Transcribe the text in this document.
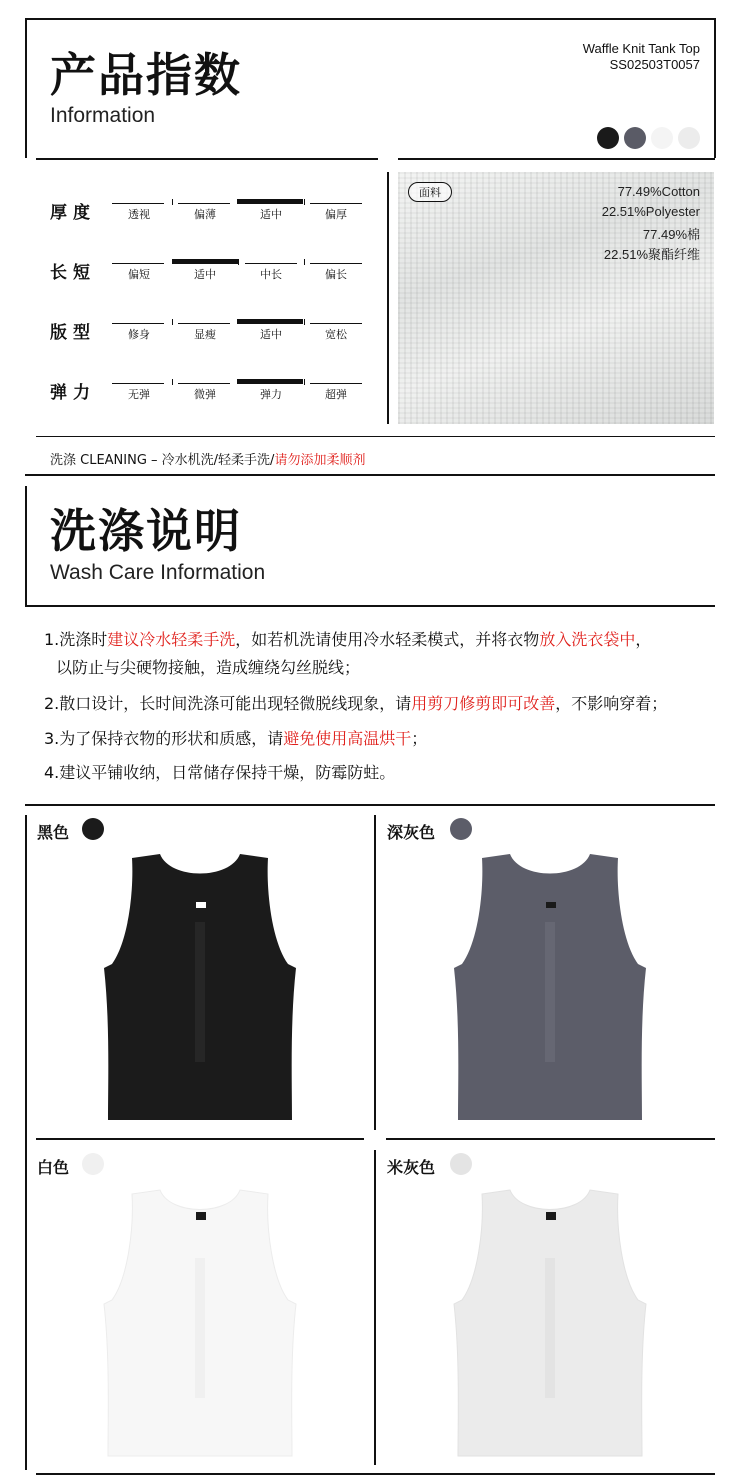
产品指数
Information
Waffle Knit Tank Top
SS02503T0057
厚度	透视	偏薄	适中	偏厚
长短	偏短	适中	中长	偏长
版型	修身	显瘦	适中	宽松
弹力	无弹	微弹	弹力	超弹
面料	77.49%Cotton
22.51%Polyester
77.49%棉
22.51%聚酯纤维
洗涤 CLEANING – 冷水机洗/轻柔手洗/请勿添加柔顺剂
洗涤说明
Wash Care Information
1.洗涤时建议冷水轻柔手洗，如若机洗请使用冷水轻柔模式，并将衣物放入洗衣袋中，
以防止与尖硬物接触，造成缠绕勾丝脱线；
2.散口设计，长时间洗涤可能出现轻微脱线现象，请用剪刀修剪即可改善，不影响穿着；
3.为了保持衣物的形状和质感，请避免使用高温烘干；
4.建议平铺收纳，日常储存保持干燥，防霉防蛀。
黑色	深灰色
白色	米灰色
